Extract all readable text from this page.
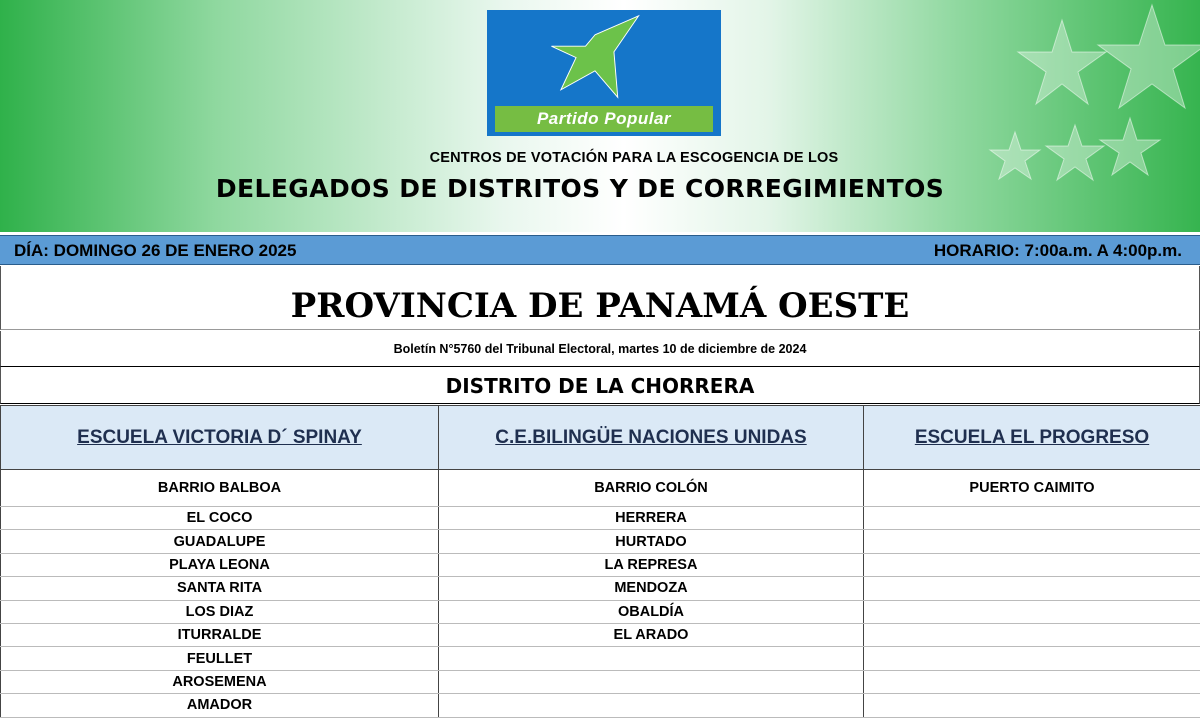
Partido Popular
CENTROS DE VOTACIÓN PARA LA ESCOGENCIA DE LOS
DELEGADOS DE DISTRITOS Y DE CORREGIMIENTOS
DÍA: DOMINGO 26 DE ENERO 2025	HORARIO: 7:00a.m. A 4:00p.m.
PROVINCIA DE PANAMÁ OESTE
Boletín N°5760 del Tribunal Electoral, martes 10 de diciembre de 2024
DISTRITO DE LA CHORRERA
ESCUELA VICTORIA D´ SPINAY	C.E.BILINGÜE NACIONES UNIDAS	ESCUELA EL PROGRESO
BARRIO BALBOA	BARRIO COLÓN	PUERTO CAIMITO
EL COCO	HERRERA	
GUADALUPE	HURTADO	
PLAYA LEONA	LA REPRESA	
SANTA RITA	MENDOZA	
LOS DIAZ	OBALDÍA	
ITURRALDE	EL ARADO	
FEULLET		
AROSEMENA		
AMADOR		
